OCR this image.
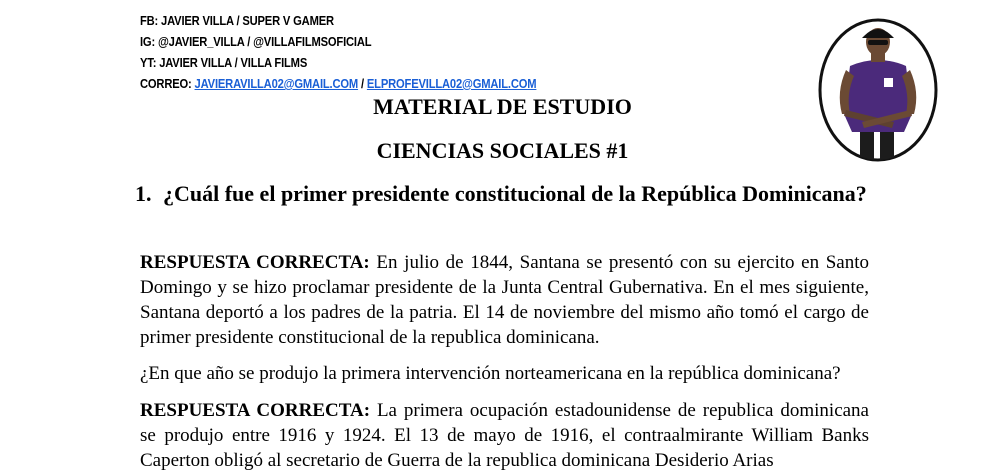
FB: JAVIER VILLA / SUPER V GAMER
IG: @JAVIER_VILLA / @VILLAFILMSOFICIAL
YT: JAVIER VILLA / VILLA FILMS
CORREO: JAVIERAVILLA02@GMAIL.COM / ELPROFEVILLA02@GMAIL.COM
MATERIAL DE ESTUDIO
CIENCIAS SOCIALES #1
1. ¿Cuál fue el primer presidente constitucional de la República Dominicana?
RESPUESTA CORRECTA: En julio de 1844, Santana se presentó con su ejercito en Santo Domingo y se hizo proclamar presidente de la Junta Central Gubernativa. En el mes siguiente, Santana deportó a los padres de la patria. El 14 de noviembre del mismo año tomó el cargo de primer presidente constitucional de la republica dominicana.
¿En que año se produjo la primera intervención norteamericana en la república dominicana?
RESPUESTA CORRECTA: La primera ocupación estadounidense de republica dominicana se produjo entre 1916 y 1924. El 13 de mayo de 1916, el contraalmirante William Banks Caperton obligó al secretario de Guerra de la republica dominicana Desiderio Arias
